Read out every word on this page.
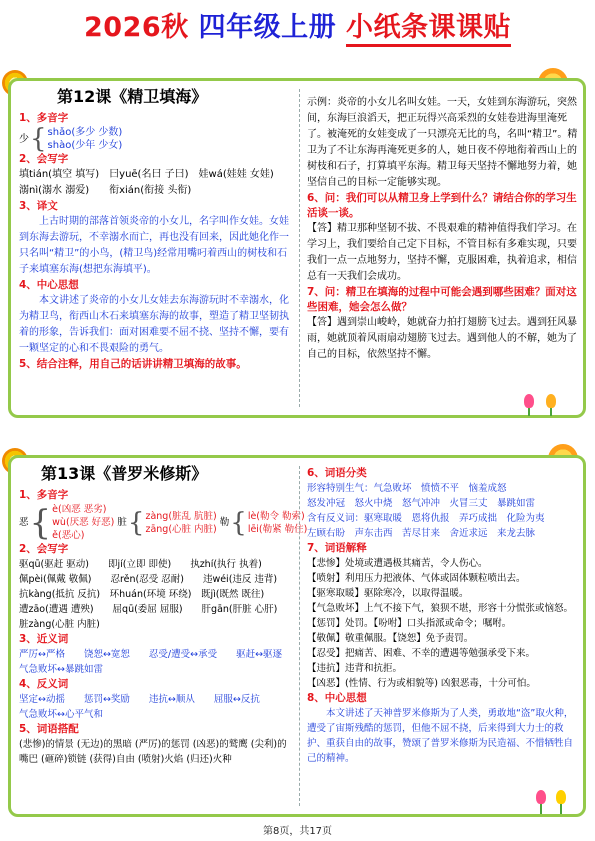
2026秋 四年级上册 小纸条课课贴
第12课《精卫填海》
1、多音字
少 { shǎo(多少 少数)
shào(少年 少女)
2、会写字
填tián(填空 填写)　曰yuē(名曰 子曰)　娃wá(娃娃 女娃)
溺nì(溺水 溺爱)　　衔xián(衔接 头衔)
3、译文
上古时期的部落首领炎帝的小女儿，名字叫作女娃。女娃到东海去游玩，不幸溺水而亡，再也没有回来，因此她化作一只名叫“精卫”的小鸟，(精卫鸟)经常用嘴叼着西山的树枝和石子来填塞东海(想把东海填平)。
4、中心思想
本文讲述了炎帝的小女儿女娃去东海游玩时不幸溺水，化为精卫鸟，衔西山木石来填塞东海的故事，塑造了精卫坚韧执着的形象，告诉我们：面对困难要不屈不挠、坚持不懈，要有一颗坚定的心和不畏艰险的勇气。
5、结合注释，用自己的话讲讲精卫填海的故事。
示例：炎帝的小女儿名叫女娃。一天，女娃到东海游玩，突然间，东海巨浪滔天，把正玩得兴高采烈的女娃卷进海里淹死了。被淹死的女娃变成了一只漂亮无比的鸟，名叫“精卫”。精卫为了不让东海再淹死更多的人，她日夜不停地衔着西山上的树枝和石子，打算填平东海。精卫每天坚持不懈地努力着，她坚信自己的目标一定能够实现。
6、问：我们可以从精卫身上学到什么？请结合你的学习生活谈一谈。
【答】精卫那种坚韧不拔、不畏艰难的精神值得我们学习。在学习上，我们要给自己定下目标，不管目标有多难实现，只要我们一点一点地努力，坚持不懈，克服困难，执着追求，相信总有一天我们会成功。
7、问：精卫在填海的过程中可能会遇到哪些困难？面对这些困难，她会怎么做？
【答】遇到崇山峻岭，她就奋力拍打翅膀飞过去。遇到狂风暴雨，她就顶着风雨扇动翅膀飞过去。遇到他人的不解，她为了自己的目标，依然坚持不懈。
第13课《普罗米修斯》
1、多音字
恶 { è(凶恶 恶劣)
wù(厌恶 好恶)
ě(恶心)
脏 { zàng(脏乱 肮脏)
zāng(心脏 内脏)
勒 { lè(勒令 勒索)
lēi(勒紧 勒住)
2、会写字
驱qū(驱赶 驱动)　　即jí(立即 即使)　　执zhí(执行 执着)
佩pèi(佩戴 敬佩)　　忍rěn(忍受 忍耐)　　违wéi(违反 违背)
抗kàng(抵抗 反抗)　环huán(环境 环绕)　既jì(既然 既往)
遭zāo(遭遇 遭殃)　　屈qū(委屈 屈服)　　肝gān(肝脏 心肝)
脏zàng(心脏 内脏)
3、近义词
严厉↔严格　　饶恕↔宽恕　　忍受/遭受↔承受　　驱赶↔驱逐
气急败坏↔暴跳如雷
4、反义词
坚定↔动摇　　惩罚↔奖励　　违抗↔顺从　　屈服↔反抗
气急败坏↔心平气和
5、词语搭配
(悲惨)的情景 (无边)的黑暗 (严厉)的惩罚 (凶恶)的鹫鹰 (尖利)的嘴巴 (砸碎)锁链 (获得)自由 (喷射)火焰 (归还)火种
6、词语分类
形容特别生气：气急败坏　愤愤不平　恼羞成怒
怒发冲冠　怒火中烧　怒气冲冲　火冒三丈　暴跳如雷
含有反义词：驱寒取暖　恩将仇报　弄巧成拙　化险为夷
左顾右盼　声东击西　苦尽甘来　舍近求远　来龙去脉
7、词语解释
【悲惨】处境或遭遇极其痛苦，令人伤心。
【喷射】利用压力把液体、气体或固体颗粒喷出去。
【驱寒取暖】驱除寒冷，以取得温暖。
【气急败坏】上气不接下气，狼狈不堪，形容十分慌张或恼怒。
【惩罚】处罚。【吩咐】口头指派或命令；嘱咐。
【敬佩】敬重佩服。【饶恕】免予责罚。
【忍受】把痛苦、困难、不幸的遭遇等勉强承受下来。
【违抗】违背和抗拒。
【凶恶】(性情、行为或相貌等) 凶狠恶毒，十分可怕。
8、中心思想
本文讲述了天神普罗米修斯为了人类，勇敢地“盗”取火种，遭受了宙斯残酷的惩罚，但他不屈不挠，后来得到大力士的救护、重获自由的故事，赞颂了普罗米修斯为民造福、不惜牺牲自己的精神。
第8页，共17页
